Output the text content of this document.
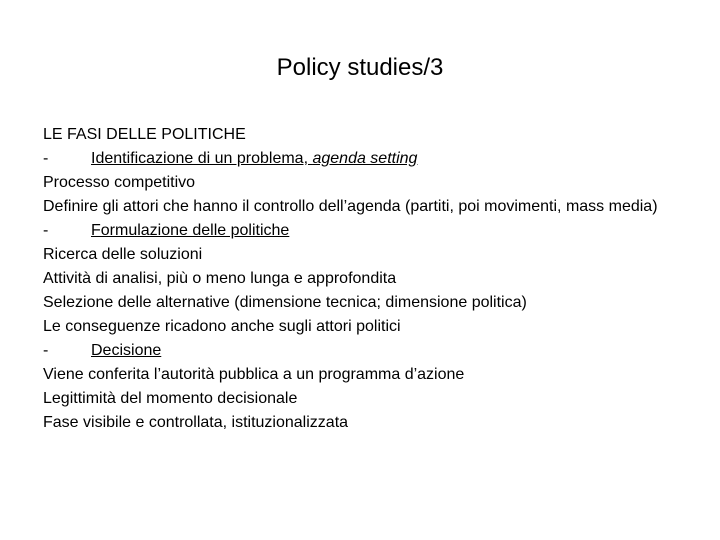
Policy studies/3
LE FASI DELLE POLITICHE
-	Identificazione di un problema, agenda setting
Processo competitivo
Definire gli attori che hanno il controllo dell’agenda (partiti, poi movimenti, mass media)
-	Formulazione delle politiche
Ricerca delle soluzioni
Attività di analisi, più o meno lunga e approfondita
Selezione delle alternative (dimensione tecnica; dimensione politica)
Le conseguenze ricadono anche sugli attori politici
-	Decisione
Viene conferita l’autorità pubblica a un programma d’azione
Legittimità del momento decisionale
Fase visibile e controllata, istituzionalizzata
